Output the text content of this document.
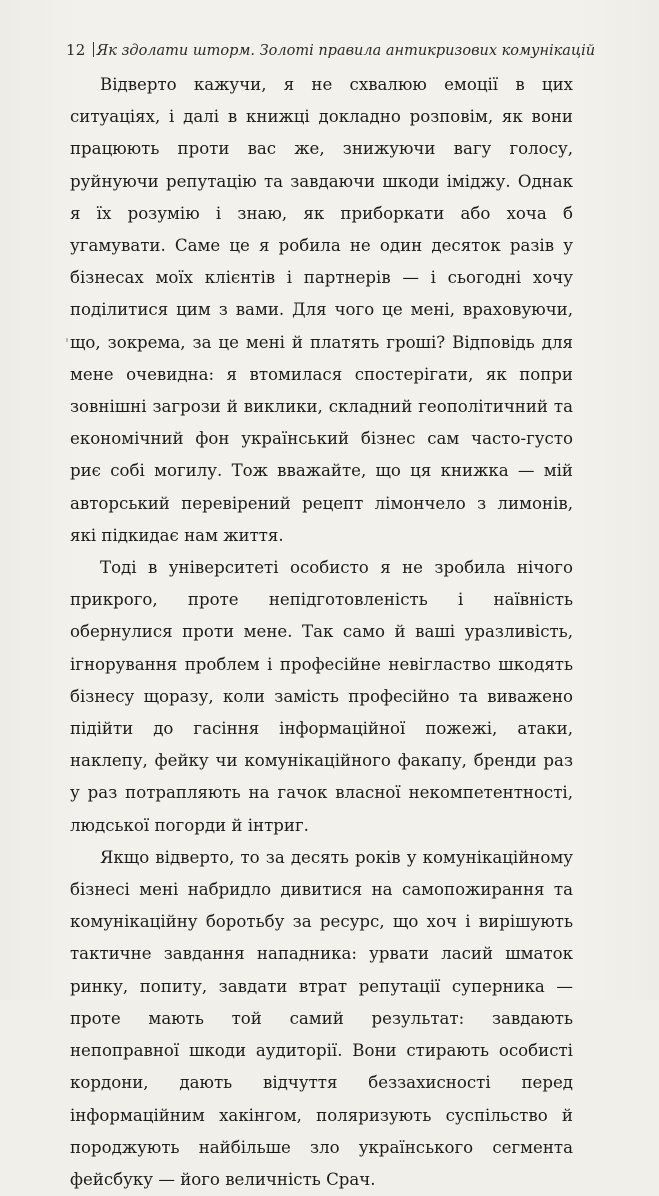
12 Як здолати шторм. Золоті правила антикризових комунікацій

Відверто кажучи, я не схвалюю емоції в цих ситуаціях, і далі в книжці докладно розповім, як вони працюють проти вас же, знижуючи вагу голосу, руйнуючи репутацію та завдаючи шкоди іміджу. Однак я їх розумію і знаю, як приборкати або хоча б угамувати. Саме це я робила не один десяток разів у бізнесах моїх клієнтів і партнерів — і сьогодні хочу поділитися цим з вами. Для чого це мені, враховуючи, що, зокрема, за це мені й платять гроші? Відповідь для мене очевидна: я втомилася спостерігати, як попри зовнішні загрози й виклики, складний геополітичний та економічний фон український бізнес сам часто-густо риє собі могилу. Тож вважайте, що ця книжка — мій авторський перевірений рецепт лімончело з лимонів, які підкидає нам життя.

Тоді в університеті особисто я не зробила нічого прикрого, проте непідготовленість і наївність обернулися проти мене. Так само й ваші уразливість, ігнорування проблем і професійне невігластво шкодять бізнесу щоразу, коли замість професійно та виважено підійти до гасіння інформаційної пожежі, атаки, наклепу, фейку чи комунікаційного факапу, бренди раз у раз потрапляють на гачок власної некомпетентності, людської погорди й інтриг.

Якщо відверто, то за десять років у комунікаційному бізнесі мені набридло дивитися на самопожирання та комунікаційну боротьбу за ресурс, що хоч і вирішують тактичне завдання нападника: урвати ласий шматок ринку, попиту, завдати втрат репутації суперника — проте мають той самий результат: завдають непоправної шкоди аудиторії. Вони стирають особисті кордони, дають відчуття беззахисності перед інформаційним хакінгом, поляризують суспільство й породжують найбільше зло українського сегмента фейсбуку — його величність Срач.
